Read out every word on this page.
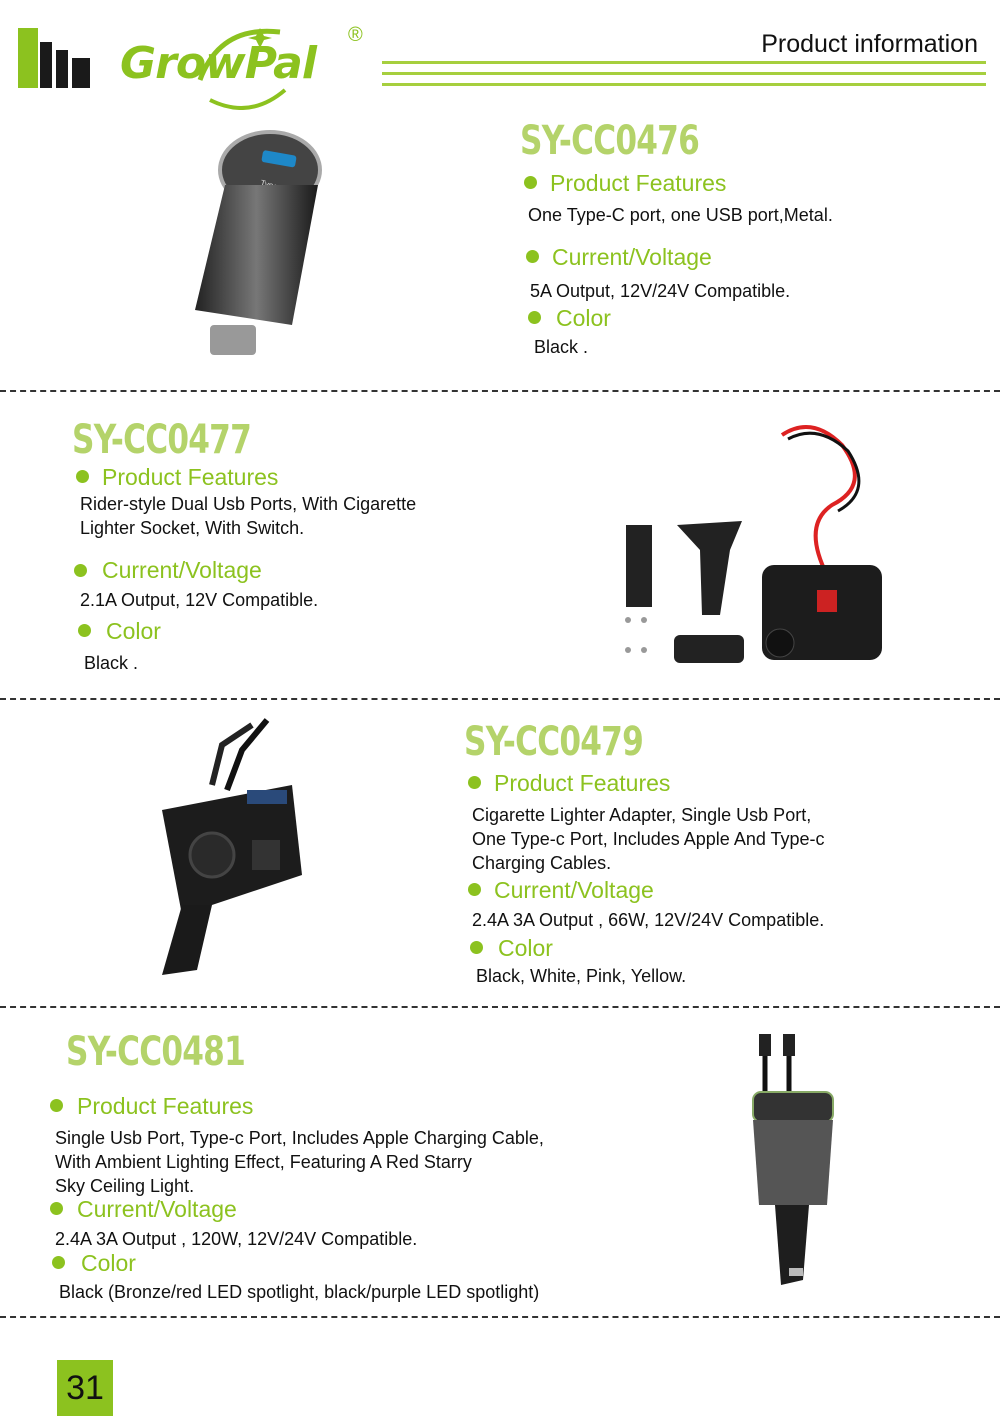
GrowPal
®	Product information
SY-CC0476
Product Features
One Type-C port, one USB port,Metal.
Current/Voltage
5A Output, 12V/24V Compatible.
Color
Black .
SY-CC0477
Product Features
Rider-style Dual Usb Ports, With Cigarette
Lighter Socket, With Switch.
Current/Voltage
2.1A Output, 12V Compatible.
Color
Black .
SY-CC0479
Product Features
Cigarette Lighter Adapter, Single Usb Port,
One Type-c Port, Includes Apple And Type-c
Charging Cables.
Current/Voltage
2.4A 3A Output , 66W, 12V/24V Compatible.
Color
Black, White, Pink, Yellow.
SY-CC0481
Product Features
Single Usb Port, Type-c Port, Includes Apple Charging Cable,
With Ambient Lighting Effect, Featuring A Red Starry
Sky Ceiling Light.
Current/Voltage
2.4A 3A Output , 120W, 12V/24V Compatible.
Color
Black (Bronze/red LED spotlight, black/purple LED spotlight)
31
